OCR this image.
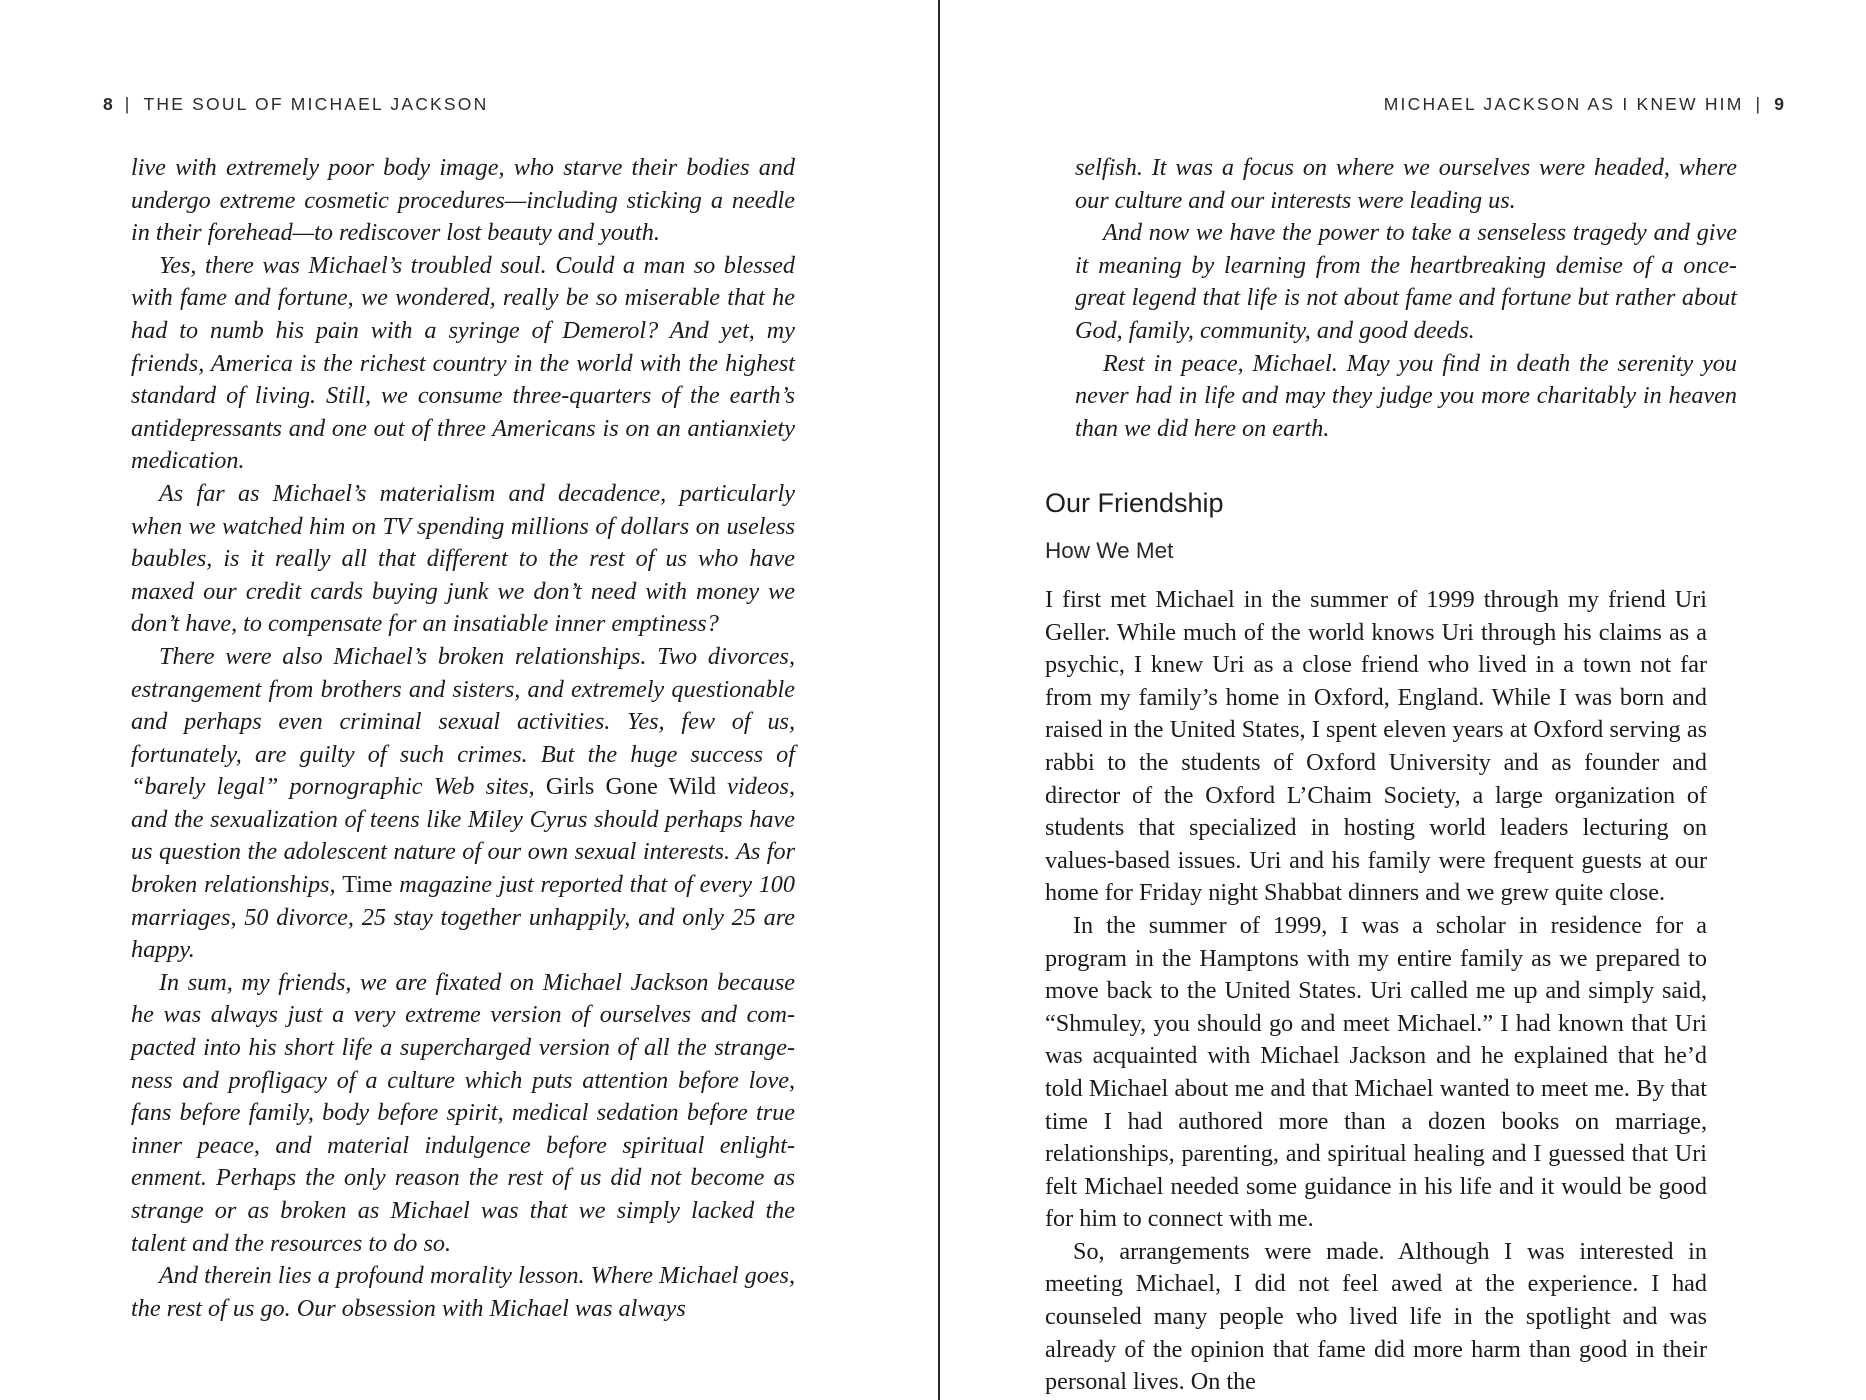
8 | THE SOUL OF MICHAEL JACKSON

live with extremely poor body image, who starve their bodies and undergo extreme cosmetic procedures—including sticking a needle in their forehead—to rediscover lost beauty and youth.

Yes, there was Michael’s troubled soul. Could a man so blessed with fame and fortune, we wondered, really be so miserable that he had to numb his pain with a syringe of Demerol? And yet, my friends, America is the richest country in the world with the highest standard of living. Still, we consume three-quarters of the earth’s antidepressants and one out of three Americans is on an antianxiety medication.

As far as Michael’s materialism and decadence, particularly when we watched him on TV spending millions of dollars on useless baubles, is it really all that different to the rest of us who have maxed our credit cards buying junk we don’t need with money we don’t have, to compensate for an insatiable inner emptiness?

There were also Michael’s broken relationships. Two divorces, estrangement from brothers and sisters, and extremely questionable and perhaps even criminal sexual activities. Yes, few of us, fortunately, are guilty of such crimes. But the huge success of “barely legal” pornographic Web sites, Girls Gone Wild videos, and the sexualization of teens like Miley Cyrus should perhaps have us question the adolescent nature of our own sexual interests. As for broken relationships, Time magazine just reported that of every 100 marriages, 50 divorce, 25 stay together unhappily, and only 25 are happy.

In sum, my friends, we are fixated on Michael Jackson because he was always just a very extreme version of ourselves and compacted into his short life a supercharged version of all the strangeness and profligacy of a culture which puts attention before love, fans before family, body before spirit, medical sedation before true inner peace, and material indulgence before spiritual enlightenment. Perhaps the only reason the rest of us did not become as strange or as broken as Michael was that we simply lacked the talent and the resources to do so.

And therein lies a profound morality lesson. Where Michael goes, the rest of us go. Our obsession with Michael was always

MICHAEL JACKSON AS I KNEW HIM | 9

selfish. It was a focus on where we ourselves were headed, where our culture and our interests were leading us.

And now we have the power to take a senseless tragedy and give it meaning by learning from the heartbreaking demise of a once-great legend that life is not about fame and fortune but rather about God, family, community, and good deeds.

Rest in peace, Michael. May you find in death the serenity you never had in life and may they judge you more charitably in heaven than we did here on earth.

Our Friendship
How We Met

I first met Michael in the summer of 1999 through my friend Uri Geller. While much of the world knows Uri through his claims as a psychic, I knew Uri as a close friend who lived in a town not far from my family’s home in Oxford, England. While I was born and raised in the United States, I spent eleven years at Oxford serving as rabbi to the students of Oxford University and as founder and director of the Oxford L’Chaim Society, a large organization of students that specialized in hosting world leaders lecturing on values-based issues. Uri and his family were frequent guests at our home for Friday night Shabbat dinners and we grew quite close.

In the summer of 1999, I was a scholar in residence for a program in the Hamptons with my entire family as we prepared to move back to the United States. Uri called me up and simply said, “Shmuley, you should go and meet Michael.” I had known that Uri was acquainted with Michael Jackson and he explained that he’d told Michael about me and that Michael wanted to meet me. By that time I had authored more than a dozen books on marriage, relationships, parenting, and spiritual healing and I guessed that Uri felt Michael needed some guidance in his life and it would be good for him to connect with me.

So, arrangements were made. Although I was interested in meeting Michael, I did not feel awed at the experience. I had counseled many people who lived life in the spotlight and was already of the opinion that fame did more harm than good in their personal lives. On the
